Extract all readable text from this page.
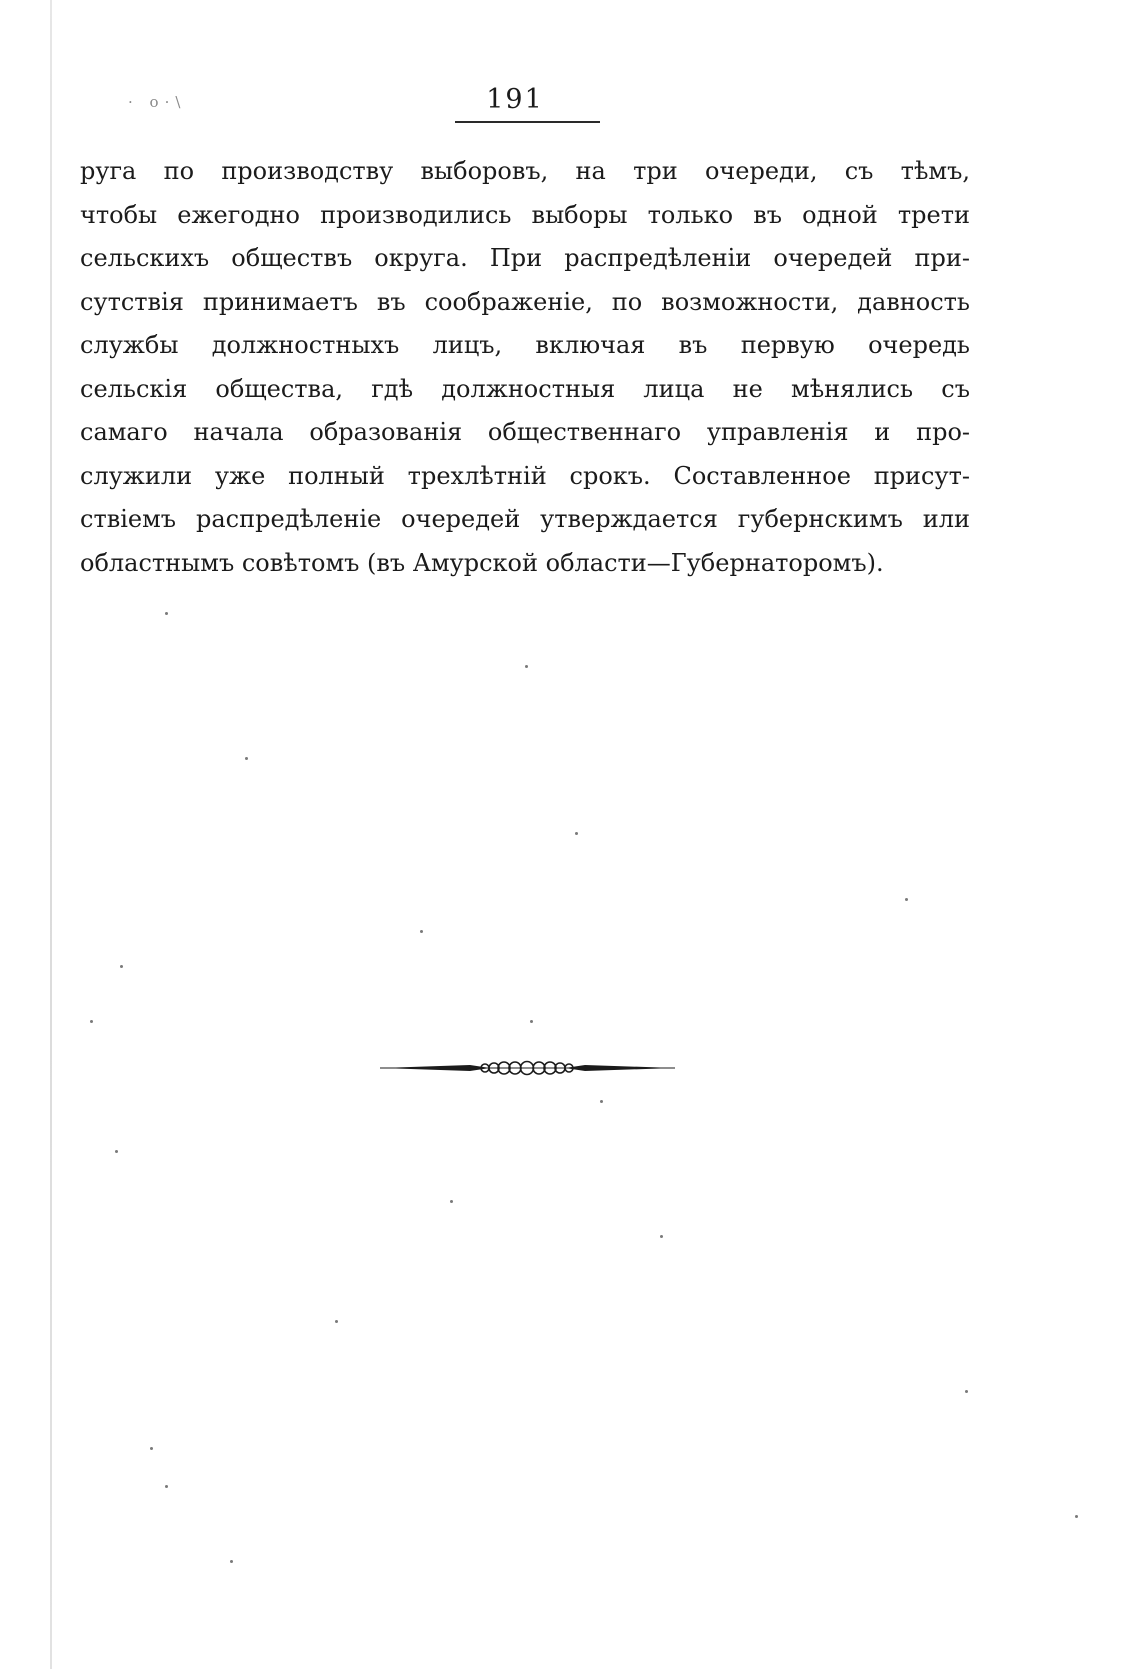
· о·\	191
руга по производству выборовъ, на три очереди, съ тѣмъ,
чтобы ежегодно производились выборы только въ одной трети
сельскихъ обществъ округа. При распредѣленіи очередей при-
сутствія принимаетъ въ соображеніе, по возможности, давность
службы должностныхъ лицъ, включая въ первую очередь
сельскія общества, гдѣ должностныя лица не мѣнялись съ
самаго начала образованія общественнаго управленія и про-
служили уже полный трехлѣтній срокъ. Составленное присут-
ствіемъ распредѣленіе очередей утверждается губернскимъ или
областнымъ совѣтомъ (въ Амурской области—Губернаторомъ).
